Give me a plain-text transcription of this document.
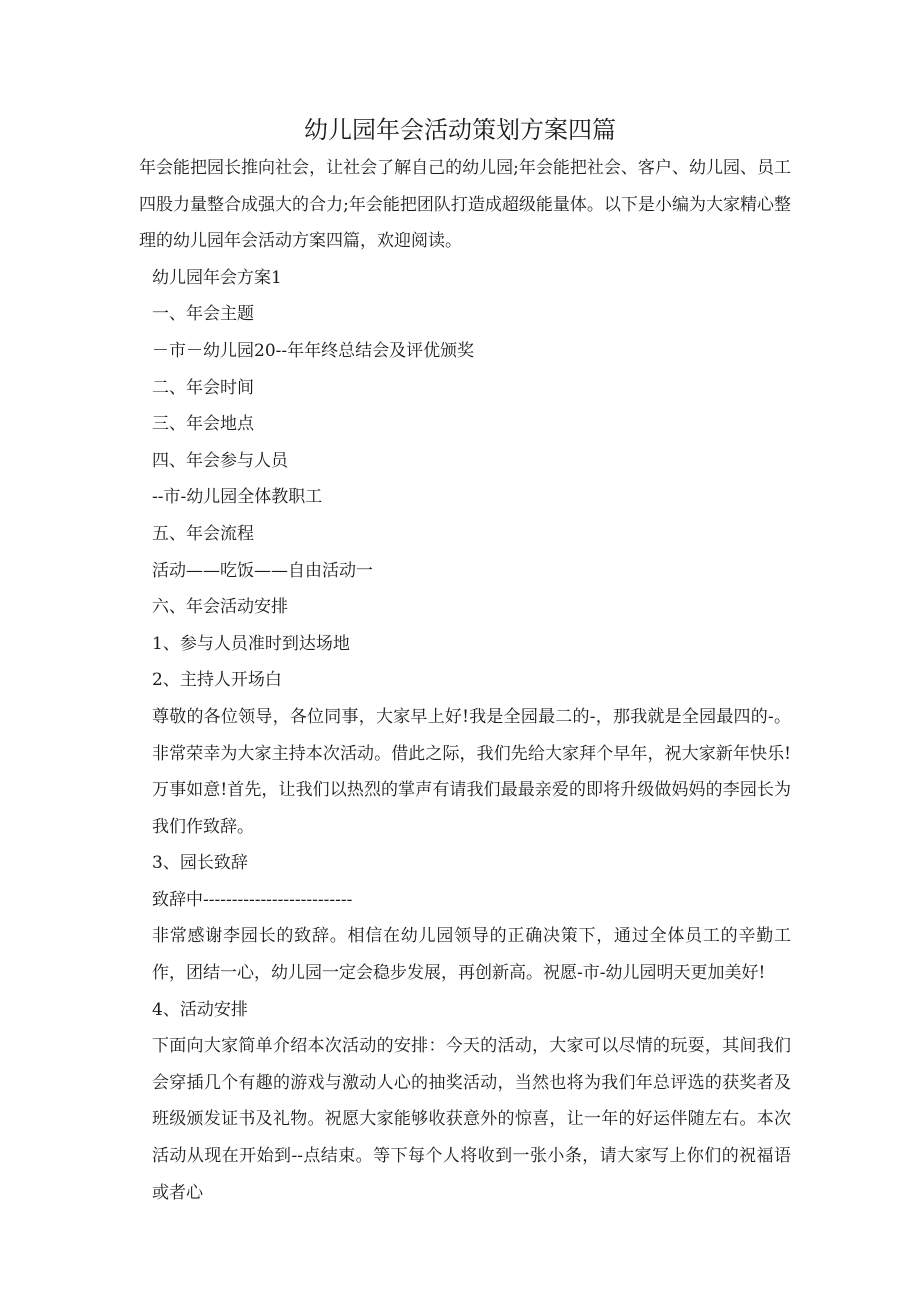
幼儿园年会活动策划方案四篇

年会能把园长推向社会，让社会了解自己的幼儿园;年会能把社会、客户、幼儿园、员工四股力量整合成强大的合力;年会能把团队打造成超级能量体。以下是小编为大家精心整理的幼儿园年会活动方案四篇，欢迎阅读。

幼儿园年会方案1

一、年会主题

－市－幼儿园20--年年终总结会及评优颁奖

二、年会时间

三、年会地点

四、年会参与人员

--市-幼儿园全体教职工

五、年会流程

活动——吃饭——自由活动一

六、年会活动安排

1、参与人员准时到达场地

2、主持人开场白

尊敬的各位领导，各位同事，大家早上好!我是全园最二的-，那我就是全园最四的-。非常荣幸为大家主持本次活动。借此之际，我们先给大家拜个早年，祝大家新年快乐!万事如意!首先，让我们以热烈的掌声有请我们最最亲爱的即将升级做妈妈的李园长为我们作致辞。

3、园长致辞

致辞中--------------------------

非常感谢李园长的致辞。相信在幼儿园领导的正确决策下，通过全体员工的辛勤工作，团结一心，幼儿园一定会稳步发展，再创新高。祝愿-市-幼儿园明天更加美好!

4、活动安排

下面向大家简单介绍本次活动的安排：今天的活动，大家可以尽情的玩耍，其间我们会穿插几个有趣的游戏与激动人心的抽奖活动，当然也将为我们年总评选的获奖者及班级颁发证书及礼物。祝愿大家能够收获意外的惊喜，让一年的好运伴随左右。本次活动从现在开始到--点结束。等下每个人将收到一张小条，请大家写上你们的祝福语或者心
